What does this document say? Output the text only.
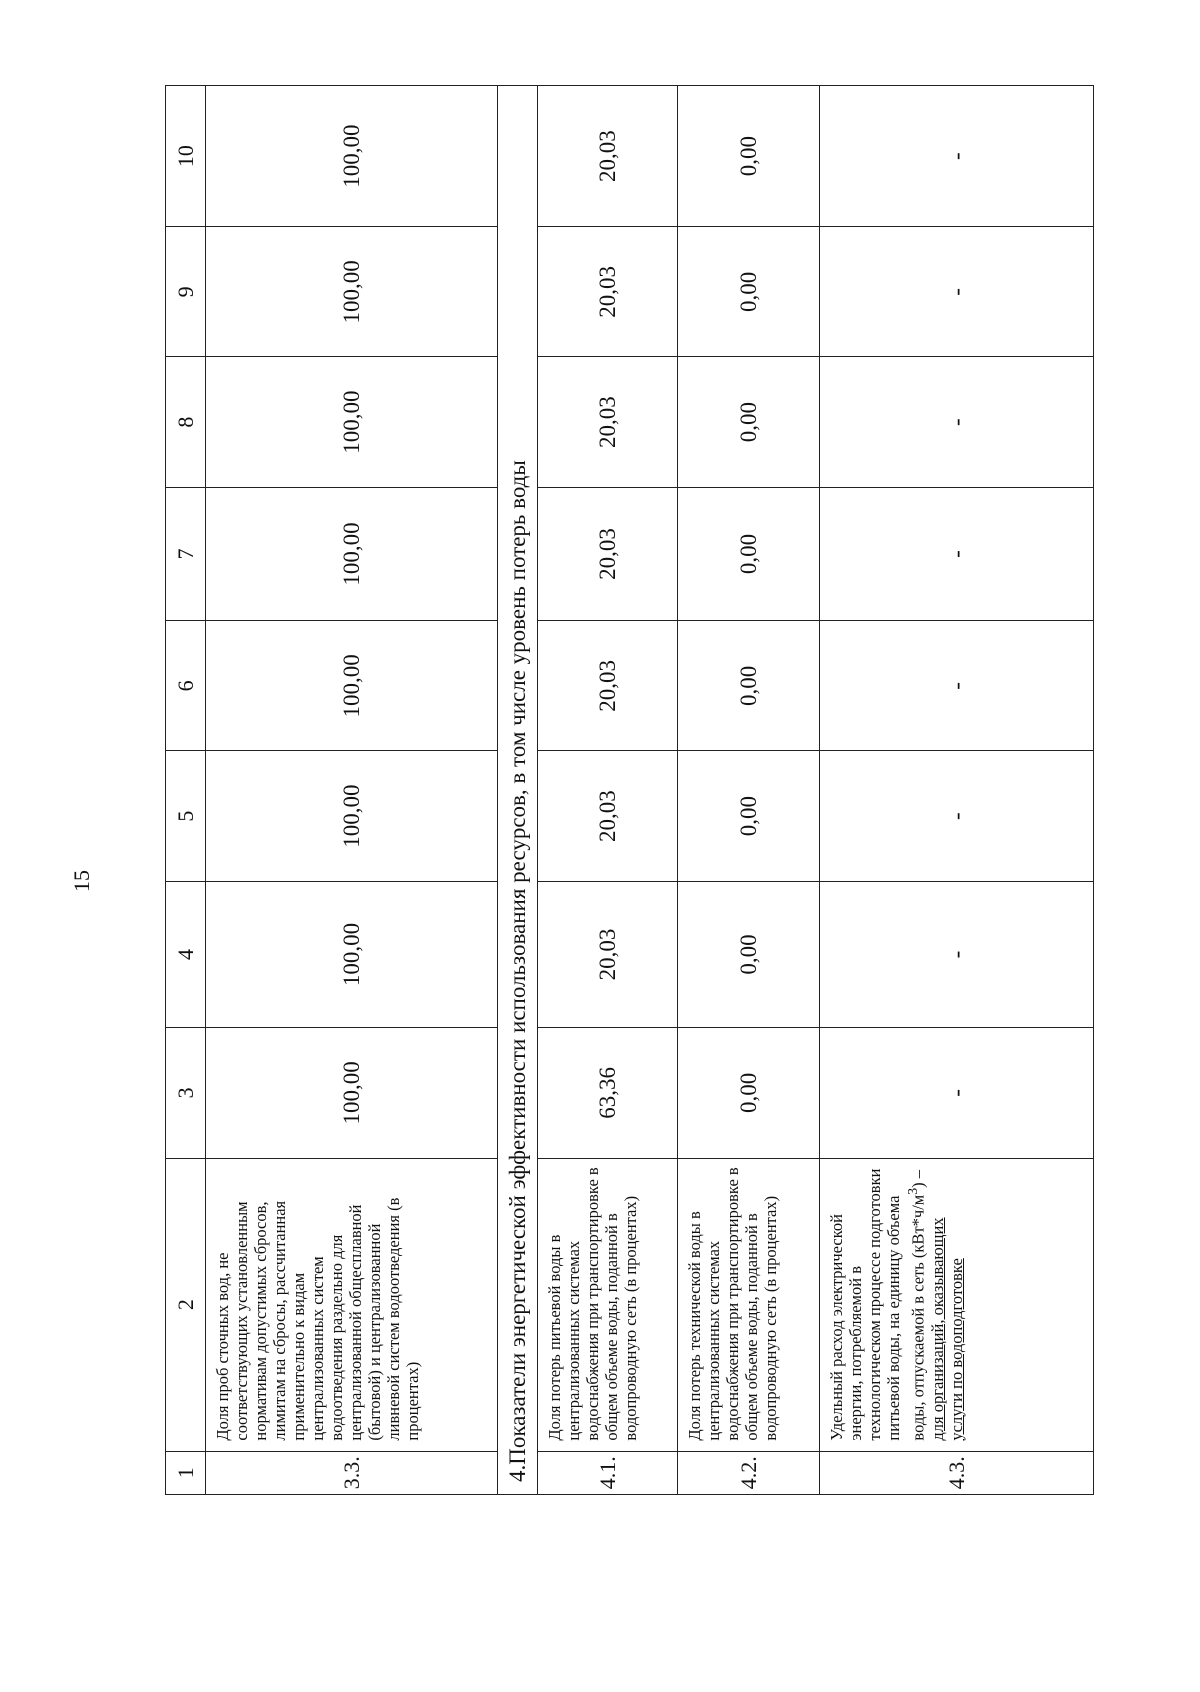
15
1	2	3	4	5	6	7	8	9	10
3.3.	Доля проб сточных вод, не соответствующих установленным нормативам допустимых сбросов, лимитам на сбросы, рассчитанная применительно к видам централизованных систем водоотведения раздельно для централизованной общесплавной (бытовой) и централизованной ливневой систем водоотведения (в процентах)	100,00	100,00	100,00	100,00	100,00	100,00	100,00	100,00
4.Показатели энергетической эффективности использования ресурсов, в том числе уровень потерь воды									
4.1.	Доля потерь питьевой воды в централизованных системах водоснабжения при транспортировке в общем объеме воды, поданной в водопроводную сеть (в процентах)	63,36	20,03	20,03	20,03	20,03	20,03	20,03	20,03
4.2.	Доля потерь технической воды в централизованных системах водоснабжения при транспортировке в общем объеме воды, поданной в водопроводную сеть (в процентах)	0,00	0,00	0,00	0,00	0,00	0,00	0,00	0,00
4.3.	Удельный расход электрической энергии, потребляемой в технологическом процессе подготовки питьевой воды, на единицу объема воды, отпускаемой в сеть $(кВт*ч/м^3)$ – для организаций, оказывающих услуги по водоподготовке	-	-	-	-	-	-	-	-
